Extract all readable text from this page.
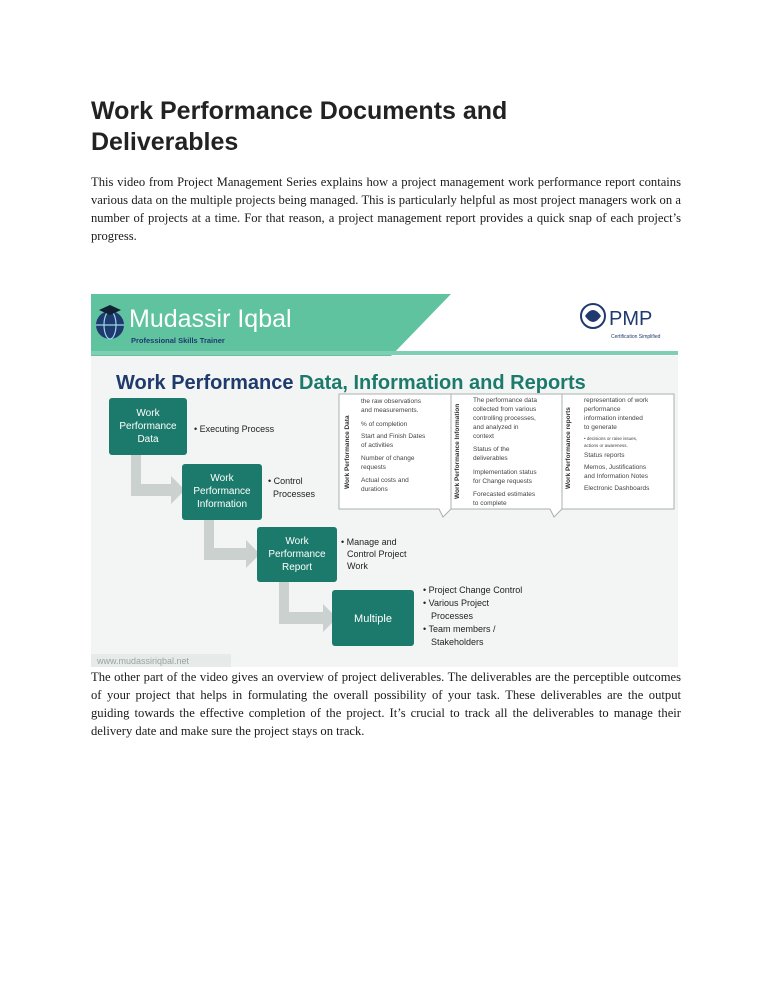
Work Performance Documents and
Deliverables

This video from Project Management Series explains how a project management work performance report contains various data on the multiple projects being managed. This is particularly helpful as most project managers work on a number of projects at a time. For that reason, a project management report provides a quick snap of each project’s progress.

Mudassir Iqbal
Professional Skills Trainer
PMP
Certification Simplified
Work Performance Data, Information and Reports
Work
Performance
Data
• Executing Process
Work
Performance
Information
• Control
Processes
Work
Performance
Report
• Manage and
Control Project
Work
Multiple
• Project Change Control
• Various Project
Processes
• Team members /
Stakeholders
Work Performance Data
the raw observations
and measurements.
% of completion
Start and Finish Dates
of activities
Number of change
requests
Actual costs and
durations	Work Performance Information
The performance data
collected from various
controlling processes,
and analyzed in
context
Status of the
deliverables
Implementation status
for Change requests
Forecasted estimates
to complete
Work Performance reports
representation of work
performance
information intended
to generate
• decisions or raise issues,
actions or awareness.
Status reports
Memos, Justifications
and Information Notes
Electronic Dashboards
www.mudassiriqbal.net

The other part of the video gives an overview of project deliverables. The deliverables are the perceptible outcomes of your project that helps in formulating the overall possibility of your task. These deliverables are the output guiding towards the effective completion of the project. It’s crucial to track all the deliverables to manage their delivery date and make sure the project stays on track.
